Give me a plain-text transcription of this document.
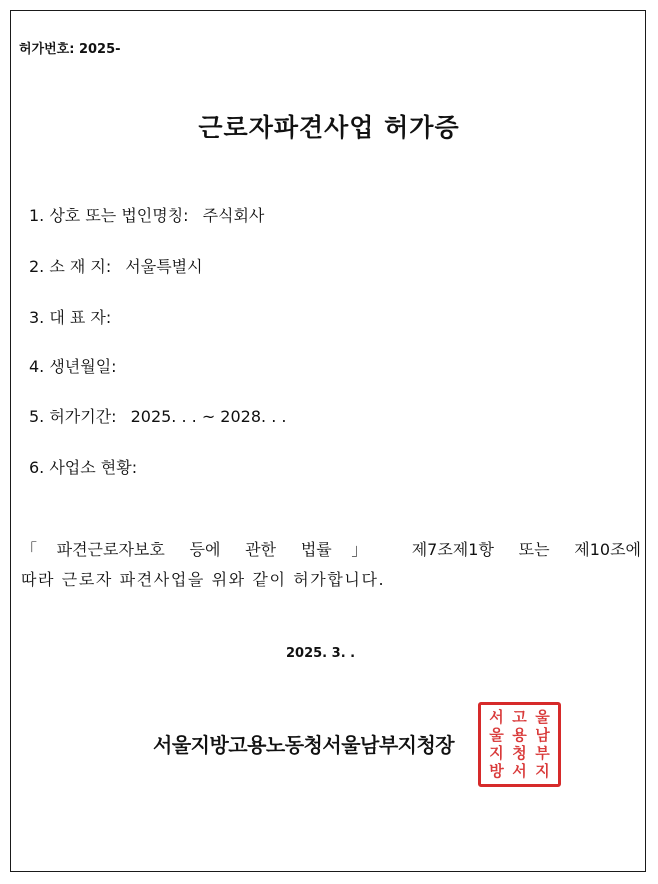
허가번호: 2025-
근로자파견사업 허가증
1. 상호 또는 법인명칭: 주식회사
2. 소 재 지: 서울특별시
3. 대 표 자:
4. 생년월일:
5. 허가기간: 2025. . . ~ 2028. . .
6. 사업소 현황:
「파견근로자보호 등에 관한 법률」 제7조제1항 또는 제10조에
따라 근로자 파견사업을 위와 같이 허가합니다.
2025. 3. .
서울지방고용노동청서울남부지청장
서
울
지
방
고
용
청
서
울
남
부
지
